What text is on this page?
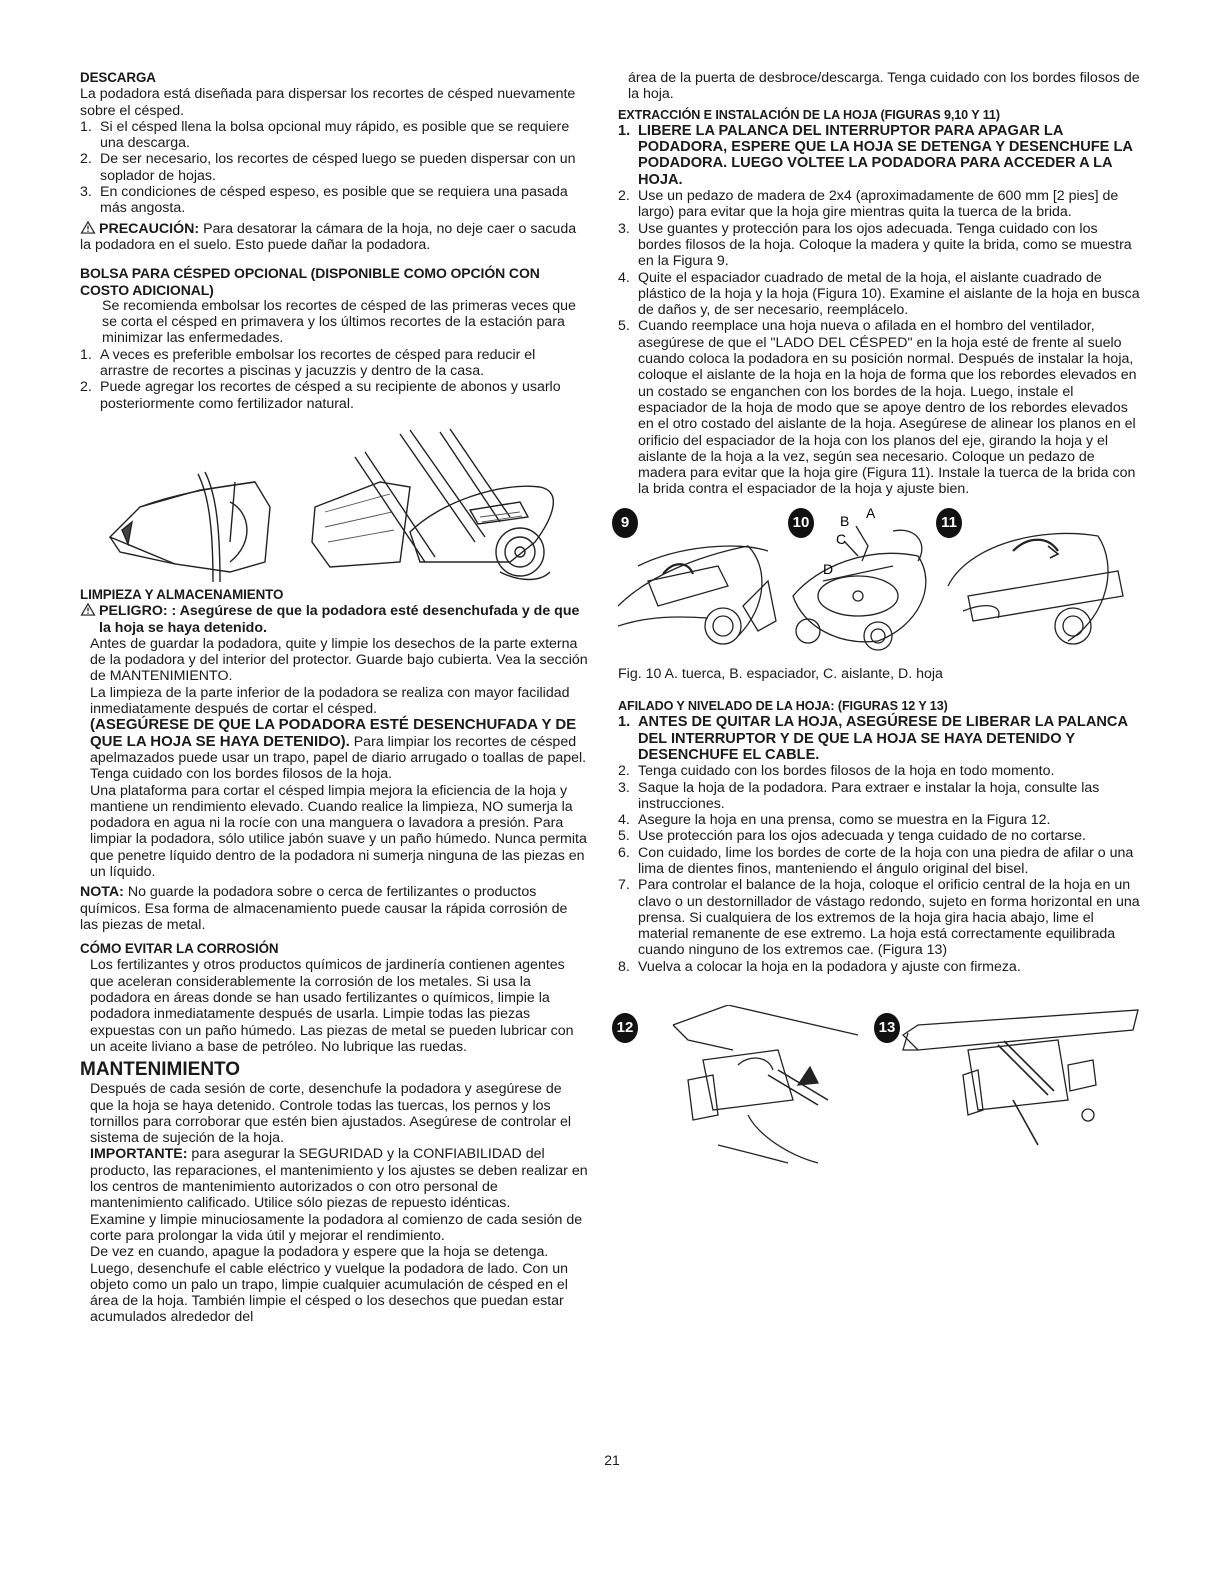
DESCARGA

La podadora está diseñada para dispersar los recortes de césped nuevamente sobre el césped.

1. Si el césped llena la bolsa opcional muy rápido, es posible que se requiere una descarga.
2. De ser necesario, los recortes de césped luego se pueden dispersar con un soplador de hojas.
3. En condiciones de césped espeso, es posible que se requiera una pasada más angosta.

PRECAUCIÓN: Para desatorar la cámara de la hoja, no deje caer o sacuda la podadora en el suelo. Esto puede dañar la podadora.

BOLSA PARA CÉSPED OPCIONAL (DISPONIBLE COMO OPCIÓN CON COSTO ADICIONAL)

Se recomienda embolsar los recortes de césped de las primeras veces que se corta el césped en primavera y los últimos recortes de la estación para minimizar las enfermedades.

1. A veces es preferible embolsar los recortes de césped para reducir el arrastre de recortes a piscinas y jacuzzis y dentro de la casa.
2. Puede agregar los recortes de césped a su recipiente de abonos y usarlo posteriormente como fertilizador natural.
LIMPIEZA Y ALMACENAMIENTO
PELIGRO: : Asegúrese de que la podadora esté desenchufada y de que la hoja se haya detenido.

Antes de guardar la podadora, quite y limpie los desechos de la parte externa de la podadora y del interior del protector. Guarde bajo cubierta. Vea la sección de MANTENIMIENTO.

La limpieza de la parte inferior de la podadora se realiza con mayor facilidad inmediatamente después de cortar el césped.

(ASEGÚRESE DE QUE LA PODADORA ESTÉ DESENCHUFADA Y DE QUE LA HOJA SE HAYA DETENIDO). Para limpiar los recortes de césped apelmazados puede usar un trapo, papel de diario arrugado o toallas de papel. Tenga cuidado con los bordes filosos de la hoja.

Una plataforma para cortar el césped limpia mejora la eficiencia de la hoja y mantiene un rendimiento elevado. Cuando realice la limpieza, NO sumerja la podadora en agua ni la rocíe con una manguera o lavadora a presión. Para limpiar la podadora, sólo utilice jabón suave y un paño húmedo. Nunca permita que penetre líquido dentro de la podadora ni sumerja ninguna de las piezas en un líquido.

NOTA: No guarde la podadora sobre o cerca de fertilizantes o productos químicos. Esa forma de almacenamiento puede causar la rápida corrosión de las piezas de metal.

CÓMO EVITAR LA CORROSIÓN

Los fertilizantes y otros productos químicos de jardinería contienen agentes que aceleran considerablemente la corrosión de los metales. Si usa la podadora en áreas donde se han usado fertilizantes o químicos, limpie la podadora inmediatamente después de usarla. Limpie todas las piezas expuestas con un paño húmedo. Las piezas de metal se pueden lubricar con un aceite liviano a base de petróleo. No lubrique las ruedas.

MANTENIMIENTO

Después de cada sesión de corte, desenchufe la podadora y asegúrese de que la hoja se haya detenido. Controle todas las tuercas, los pernos y los tornillos para corroborar que estén bien ajustados. Asegúrese de controlar el sistema de sujeción de la hoja.

IMPORTANTE: para asegurar la SEGURIDAD y la CONFIABILIDAD del producto, las reparaciones, el mantenimiento y los ajustes se deben realizar en los centros de mantenimiento autorizados o con otro personal de mantenimiento calificado. Utilice sólo piezas de repuesto idénticas.

Examine y limpie minuciosamente la podadora al comienzo de cada sesión de corte para prolongar la vida útil y mejorar el rendimiento.

De vez en cuando, apague la podadora y espere que la hoja se detenga. Luego, desenchufe el cable eléctrico y vuelque la podadora de lado. Con un objeto como un palo un trapo, limpie cualquier acumulación de césped en el área de la hoja. También limpie el césped o los desechos que puedan estar acumulados alrededor del

área de la puerta de desbroce/descarga. Tenga cuidado con los bordes filosos de la hoja.

EXTRACCIÓN E INSTALACIÓN DE LA HOJA (FIGURAS 9,10 Y 11)
1. LIBERE LA PALANCA DEL INTERRUPTOR PARA APAGAR LA PODADORA, ESPERE QUE LA HOJA SE DETENGA Y DESENCHUFE LA PODADORA. LUEGO VOLTEE LA PODADORA PARA ACCEDER A LA HOJA.
2. Use un pedazo de madera de 2x4 (aproximadamente de 600 mm [2 pies] de largo) para evitar que la hoja gire mientras quita la tuerca de la brida.
3. Use guantes y protección para los ojos adecuada. Tenga cuidado con los bordes filosos de la hoja. Coloque la madera y quite la brida, como se muestra en la Figura 9.
4. Quite el espaciador cuadrado de metal de la hoja, el aislante cuadrado de plástico de la hoja y la hoja (Figura 10). Examine el aislante de la hoja en busca de daños y, de ser necesario, reemplácelo.
5. Cuando reemplace una hoja nueva o afilada en el hombro del ventilador, asegúrese de que el "LADO DEL CÉSPED" en la hoja esté de frente al suelo cuando coloca la podadora en su posición normal. Después de instalar la hoja, coloque el aislante de la hoja en la hoja de forma que los rebordes elevados en un costado se enganchen con los bordes de la hoja. Luego, instale el espaciador de la hoja de modo que se apoye dentro de los rebordes elevados en el otro costado del aislante de la hoja. Asegúrese de alinear los planos en el orificio del espaciador de la hoja con los planos del eje, girando la hoja y el aislante de la hoja a la vez, según sea necesario. Coloque un pedazo de madera para evitar que la hoja gire (Figura 11). Instale la tuerca de la brida con la brida contra el espaciador de la hoja y ajuste bien.
9	10	11
B A
C
D

Fig. 10 A. tuerca, B. espaciador, C. aislante, D. hoja

AFILADO Y NIVELADO DE LA HOJA: (FIGURAS 12 Y 13)
1. ANTES DE QUITAR LA HOJA, ASEGÚRESE DE LIBERAR LA PALANCA DEL INTERRUPTOR Y DE QUE LA HOJA SE HAYA DETENIDO Y DESENCHUFE EL CABLE.
2. Tenga cuidado con los bordes filosos de la hoja en todo momento.
3. Saque la hoja de la podadora. Para extraer e instalar la hoja, consulte las instrucciones.
4. Asegure la hoja en una prensa, como se muestra en la Figura 12.
5. Use protección para los ojos adecuada y tenga cuidado de no cortarse.
6. Con cuidado, lime los bordes de corte de la hoja con una piedra de afilar o una lima de dientes finos, manteniendo el ángulo original del bisel.
7. Para controlar el balance de la hoja, coloque el orificio central de la hoja en un clavo o un destornillador de vástago redondo, sujeto en forma horizontal en una prensa. Si cualquiera de los extremos de la hoja gira hacia abajo, lime el material remanente de ese extremo. La hoja está correctamente equilibrada cuando ninguno de los extremos cae. (Figura 13)
8. Vuelva a colocar la hoja en la podadora y ajuste con firmeza.
12	13
21
